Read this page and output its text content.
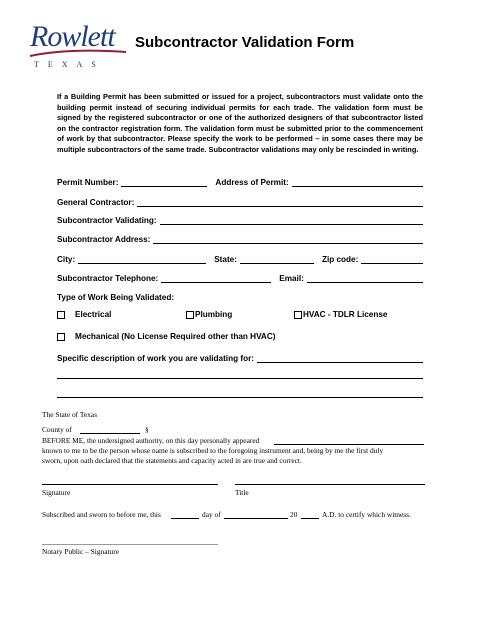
Rowlett
TEXAS
Subcontractor Validation Form
If a Building Permit has been submitted or issued for a project, subcontractors must validate onto the building permit instead of securing individual permits for each trade. The validation form must be signed by the registered subcontractor or one of the authorized designers of that subcontractor listed on the contractor registration form. The validation form must be submitted prior to the commencement of work by that subcontractor. Please specify the work to be performed – in some cases there may be multiple subcontractors of the same trade. Subcontractor validations may only be rescinded in writing.
Permit Number:	Address of Permit:
General Contractor:
Subcontractor Validating:
Subcontractor Address:
City:	State:	Zip code:
Subcontractor Telephone:	Email:
Type of Work Being Validated:
Electrical	Plumbing	HVAC - TDLR License
Mechanical (No License Required other than HVAC)
Specific description of work you are validating for:
The State of Texas
County of	§
BEFORE ME, the undersigned authority, on this day personally appeared
known to me to be the person whose name is subscribed to the foregoing instrument and, being by me the first duly
sworn, upon oath declared that the statements and capacity acted in are true and correct.
Signature	Title
Subscribed and sworn to before me, this	day of	20	A.D. to certify which witness.
Notary Public – Signature
